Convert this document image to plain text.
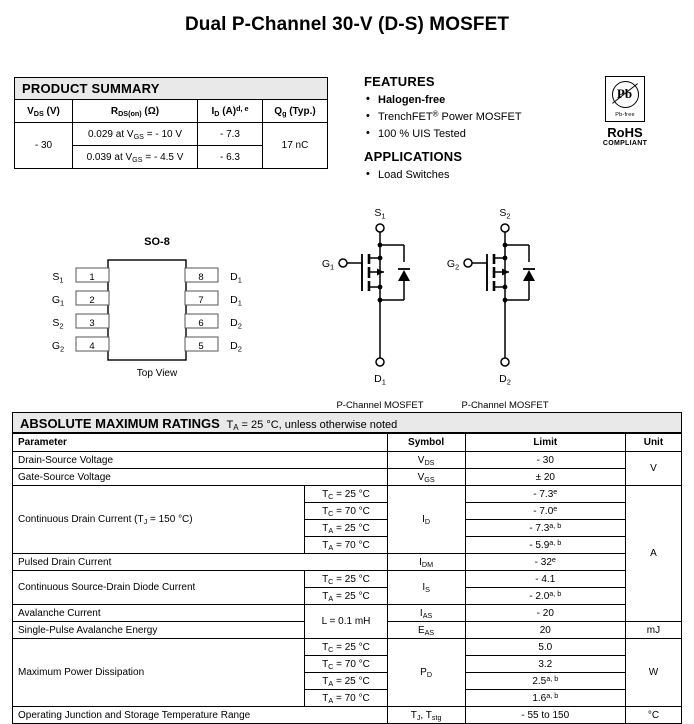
Dual P-Channel 30-V (D-S) MOSFET
PRODUCT SUMMARY			
$V_{DS}$ (V)	$R_{DS(on)}$ (Ω)	$I_D$ $(A)^{d, e}$	$Q_g$ (Typ.)
- 30	0.029 at $V_{GS}$ = - 10 V	- 7.3	17 nC
	0.039 at $V_{GS}$ = - 4.5 V	- 6.3	
FEATURES
• Halogen-free
• TrenchFET® Power MOSFET
• 100 % UIS Tested
APPLICATIONS
• Load Switches
Pb
Pb-free
RoHS
COMPLIANT
SO-8
1
2
3
4
8
7
6
5
$S_1$
$G_1$
$S_2$
$G_2$
$D_1$
$D_1$
$D_2$
$D_2$
Top View
$S_1$
$G_1$
$D_1$
$S_2$
$G_2$
$D_2$
P-Channel MOSFET	P-Channel MOSFET
ABSOLUTE MAXIMUM RATINGS  $T_A = 25$ °C, unless otherwise noted
Parameter		Symbol	Limit	Unit
Drain-Source Voltage		$V_{DS}$	- 30	V
Gate-Source Voltage		$V_{GS}$	± 20	
Continuous Drain Current ($T_J = 150$ °C)	$T_C = 25$ °C	$I_D$	- 7.3e	A
	$T_C = 70$ °C		- 7.0e
	$T_A = 25$ °C		- 7.3$^{a, b}$
	$T_A = 70$ °C		- 5.9$^{a, b}$
Pulsed Drain Current		$I_{DM}$	- 32e
Continuous Source-Drain Diode Current	$T_C = 25$ °C	$I_S$	- 4.1	
	$T_A = 25$ °C		- 2.0$^{a, b}$
Avalanche Current	L = 0.1 mH	$I_{AS}$	- 20	
Single-Pulse Avalanche Energy		$E_{AS}$	20	mJ
Maximum Power Dissipation	$T_C = 25$ °C	$P_D$	5.0	W
	$T_C = 70$ °C		3.2	
	$T_A = 25$ °C		2.5$^{a, b}$
	$T_A = 70$ °C		1.6$^{a, b}$
Operating Junction and Storage Temperature Range		$T_J$, $T_{stg}$	- 55 to 150	°C
